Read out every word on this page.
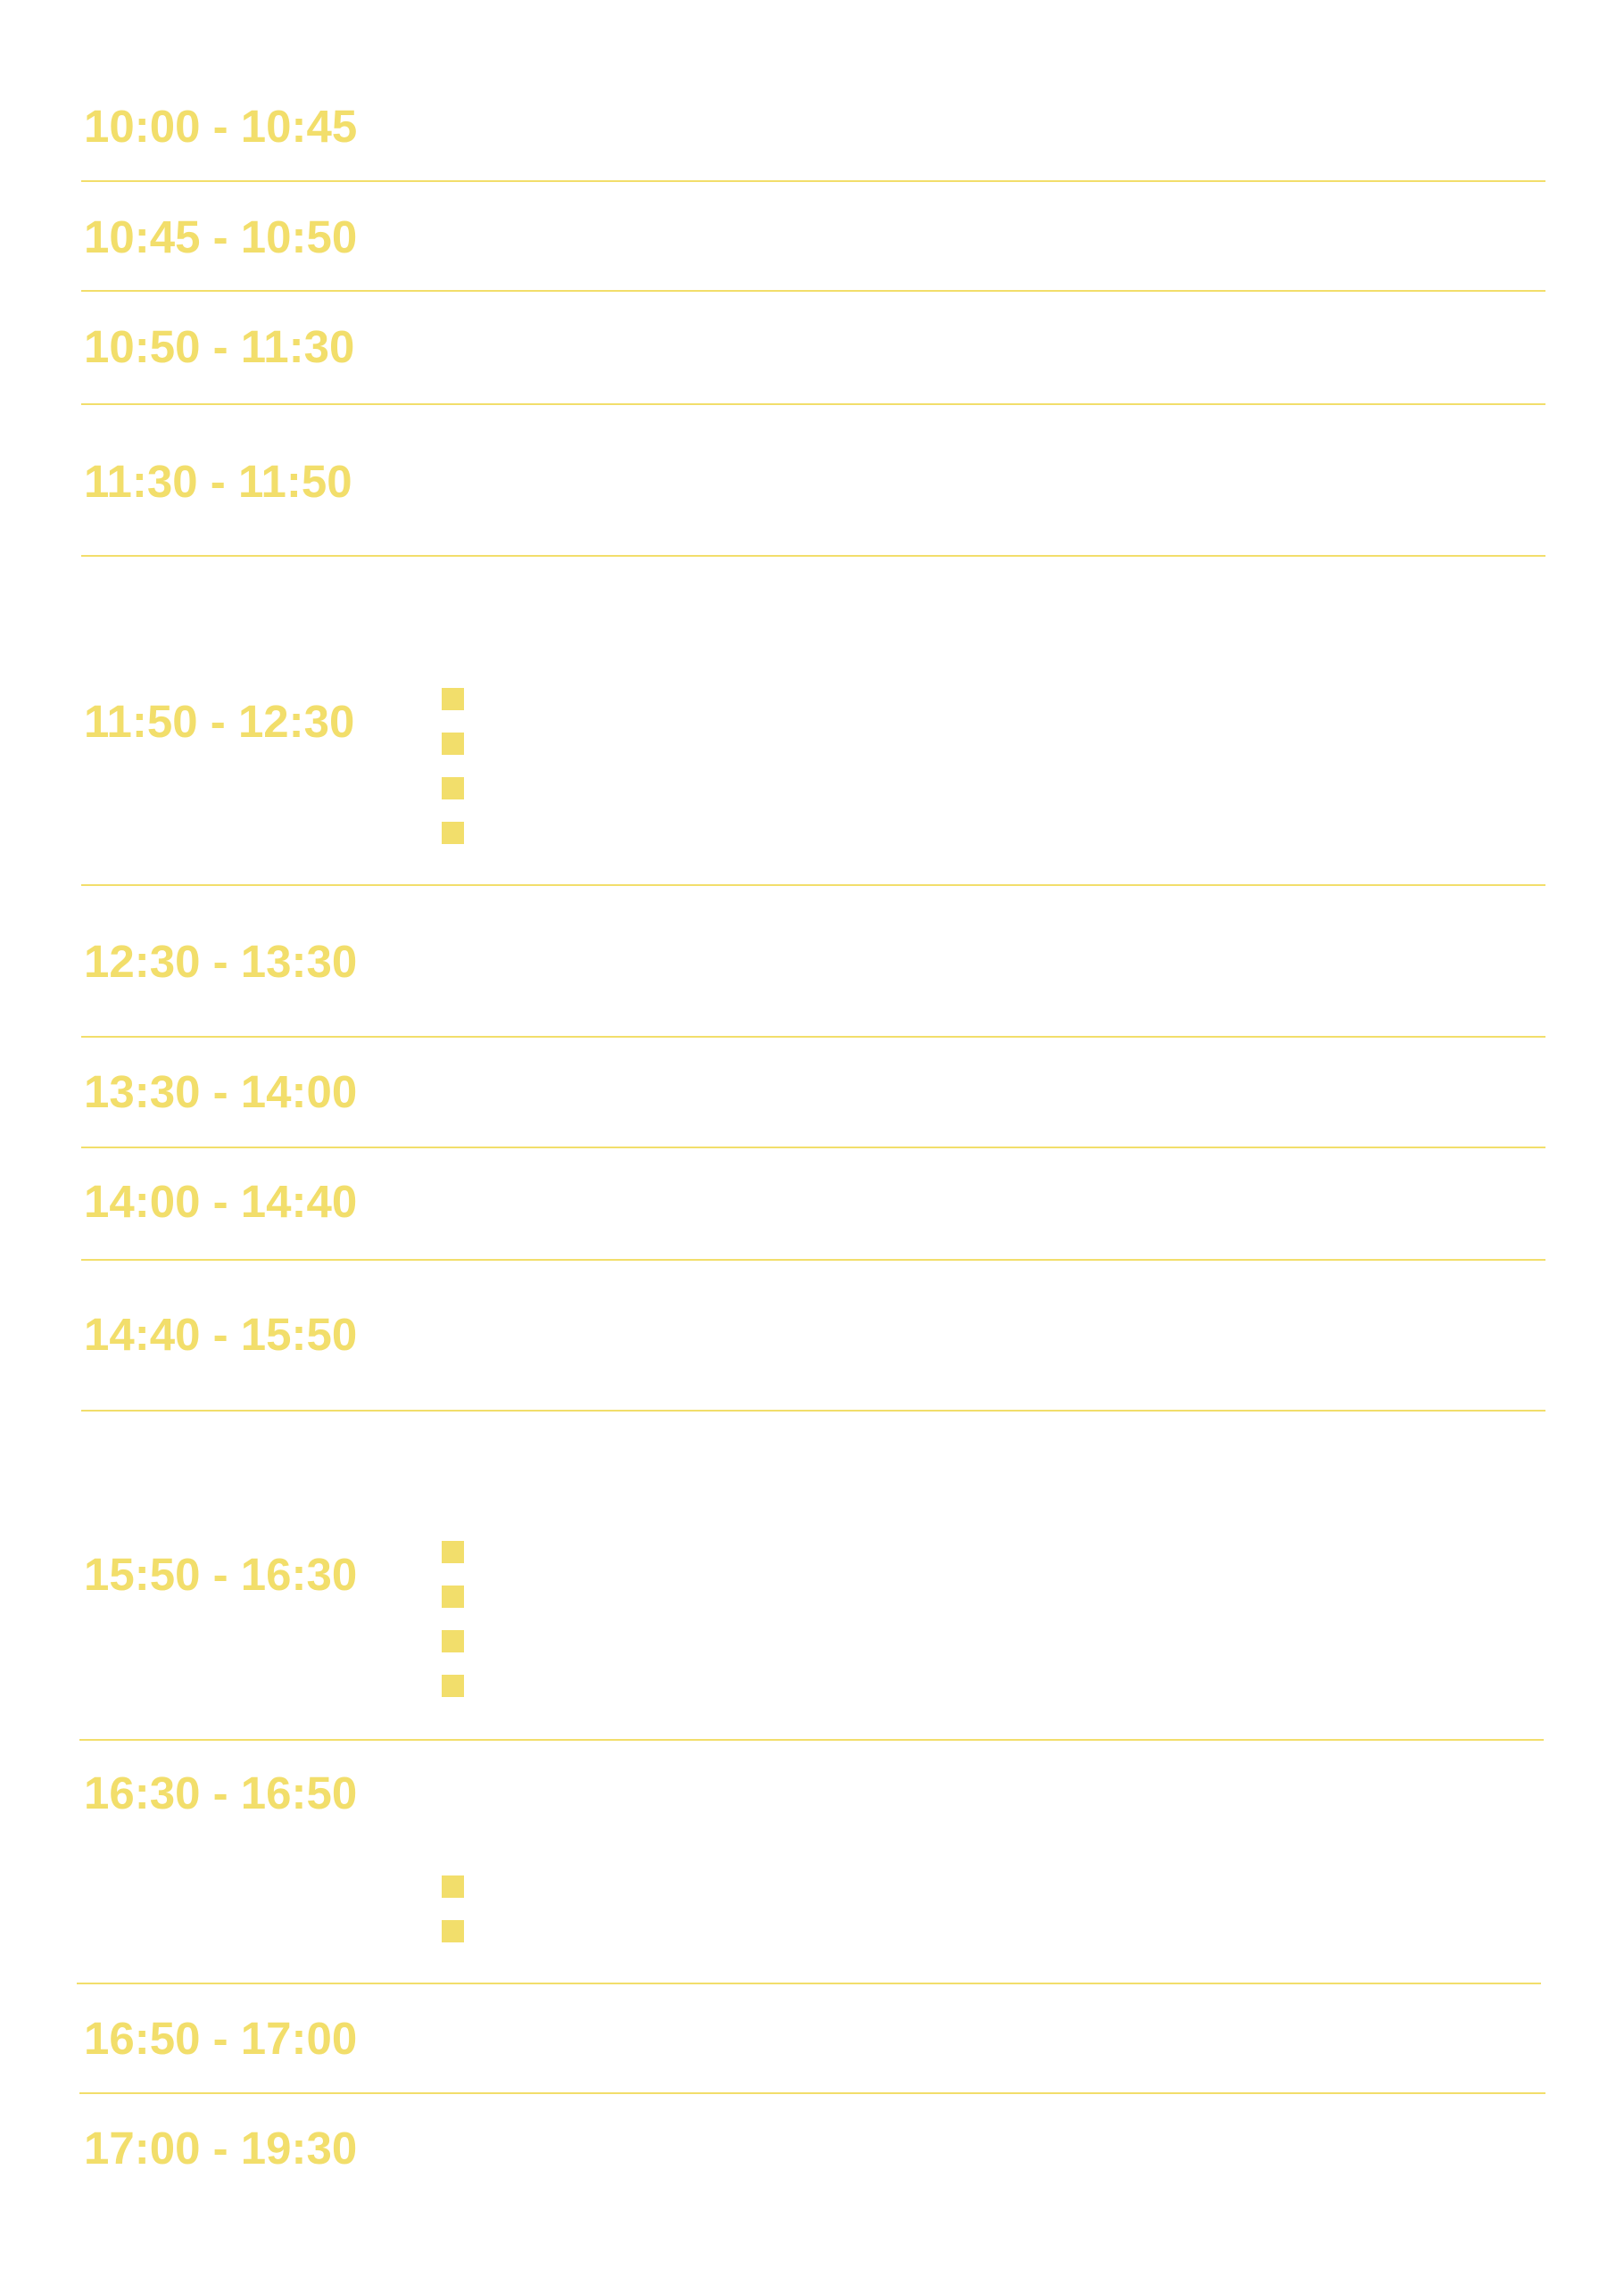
10:00 - 10:45
10:45 - 10:50
10:50 - 11:30
11:30 - 11:50
11:50 - 12:30
12:30 - 13:30
13:30 - 14:00
14:00 - 14:40
14:40 - 15:50
15:50 - 16:30
16:30 - 16:50
16:50 - 17:00
17:00 - 19:30
